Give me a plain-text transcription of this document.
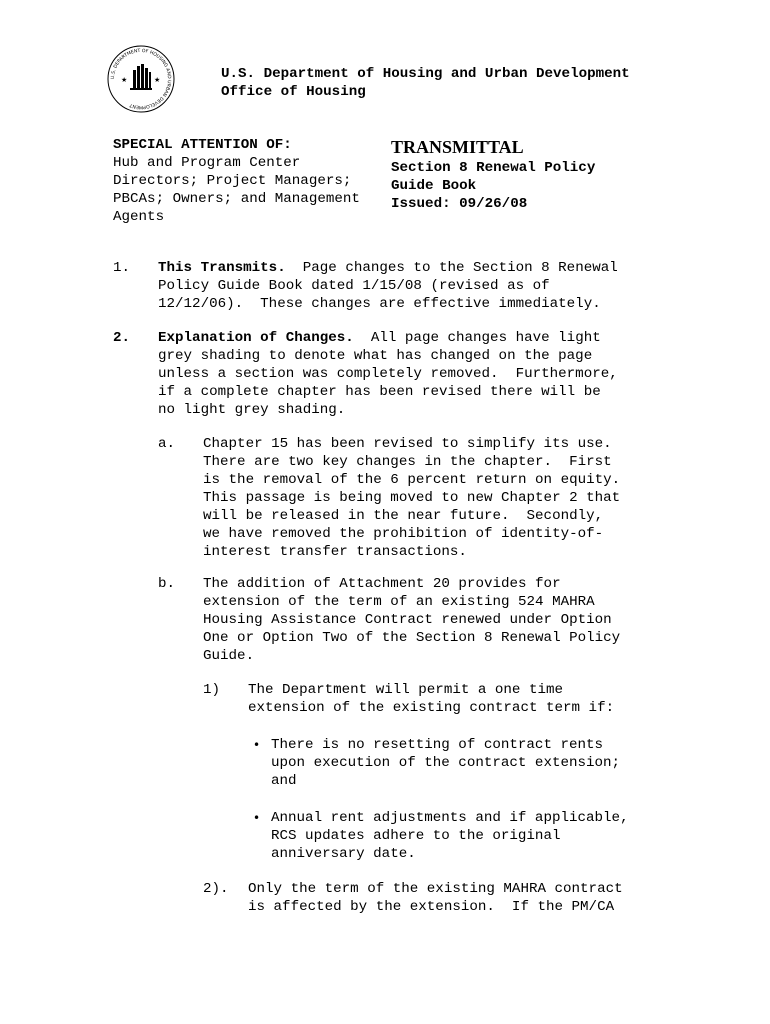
U.S. DEPARTMENT OF HOUSING AND URBAN DEVELOPMENT
★	★	U.S. Department of Housing and Urban Development
Office of Housing
SPECIAL ATTENTION OF:
Hub and Program Center
Directors; Project Managers;
PBCAs; Owners; and Management
Agents
TRANSMITTAL
Section 8 Renewal Policy
Guide Book
Issued: 09/26/08
1. This Transmits.  Page changes to the Section 8 Renewal
Policy Guide Book dated 1/15/08 (revised as of
12/12/06).  These changes are effective immediately.
2. Explanation of Changes.  All page changes have light
grey shading to denote what has changed on the page
unless a section was completely removed.  Furthermore,
if a complete chapter has been revised there will be
no light grey shading.
a. Chapter 15 has been revised to simplify its use.
There are two key changes in the chapter.  First
is the removal of the 6 percent return on equity.
This passage is being moved to new Chapter 2 that
will be released in the near future.  Secondly,
we have removed the prohibition of identity-of-
interest transfer transactions.
b. The addition of Attachment 20 provides for
extension of the term of an existing 524 MAHRA
Housing Assistance Contract renewed under Option
One or Option Two of the Section 8 Renewal Policy
Guide.
1) The Department will permit a one time
extension of the existing contract term if:
• There is no resetting of contract rents
upon execution of the contract extension;
and
• Annual rent adjustments and if applicable,
RCS updates adhere to the original
anniversary date.
2). Only the term of the existing MAHRA contract
is affected by the extension.  If the PM/CA
